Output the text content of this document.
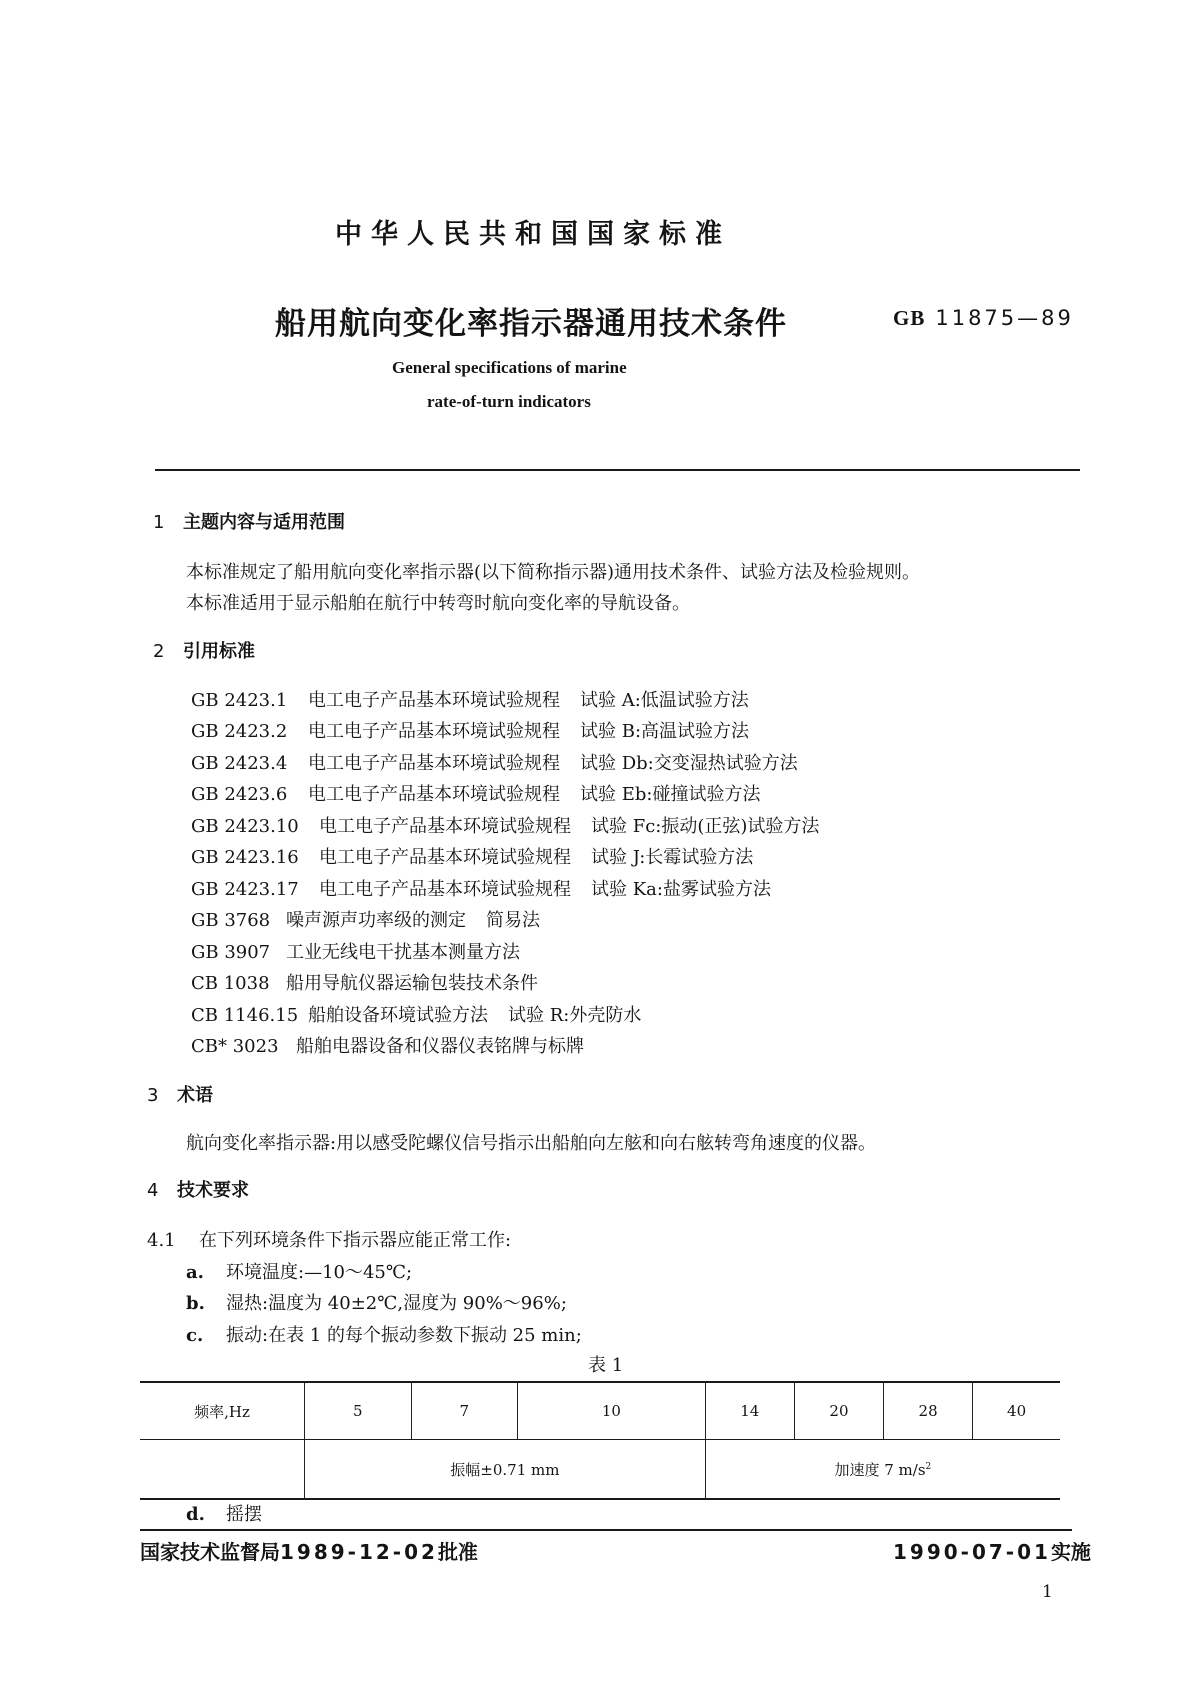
中华人民共和国国家标准
船用航向变化率指示器通用技术条件	GB 11875—89
General specifications of marine
rate-of-turn indicators
1 主题内容与适用范围
本标准规定了船用航向变化率指示器(以下简称指示器)通用技术条件、试验方法及检验规则。
本标准适用于显示船舶在航行中转弯时航向变化率的导航设备。
2 引用标准
GB 2423.1 电工电子产品基本环境试验规程 试验 A:低温试验方法
GB 2423.2 电工电子产品基本环境试验规程 试验 B:高温试验方法
GB 2423.4 电工电子产品基本环境试验规程 试验 Db:交变湿热试验方法
GB 2423.6 电工电子产品基本环境试验规程 试验 Eb:碰撞试验方法
GB 2423.10 电工电子产品基本环境试验规程 试验 Fc:振动(正弦)试验方法
GB 2423.16 电工电子产品基本环境试验规程 试验 J:长霉试验方法
GB 2423.17 电工电子产品基本环境试验规程 试验 Ka:盐雾试验方法
GB 3768 噪声源声功率级的测定 简易法
GB 3907 工业无线电干扰基本测量方法
CB 1038 船用导航仪器运输包装技术条件
CB 1146.15 船舶设备环境试验方法 试验 R:外壳防水
CB* 3023 船舶电器设备和仪器仪表铭牌与标牌
3 术语
航向变化率指示器:用以感受陀螺仪信号指示出船舶向左舷和向右舷转弯角速度的仪器。
4 技术要求
4.1 在下列环境条件下指示器应能正常工作:
a. 环境温度:—10～45℃;
b. 湿热:温度为 40±2℃,湿度为 90%～96%;
c. 振动:在表 1 的每个振动参数下振动 25 min;
表 1
频率,Hz	5	7	10	14	20	28	40
	振幅±0.71 mm			加速度 7 $m/s^2$
d. 摇摆
国家技术监督局1989-12-02批准	1990-07-01实施
1
